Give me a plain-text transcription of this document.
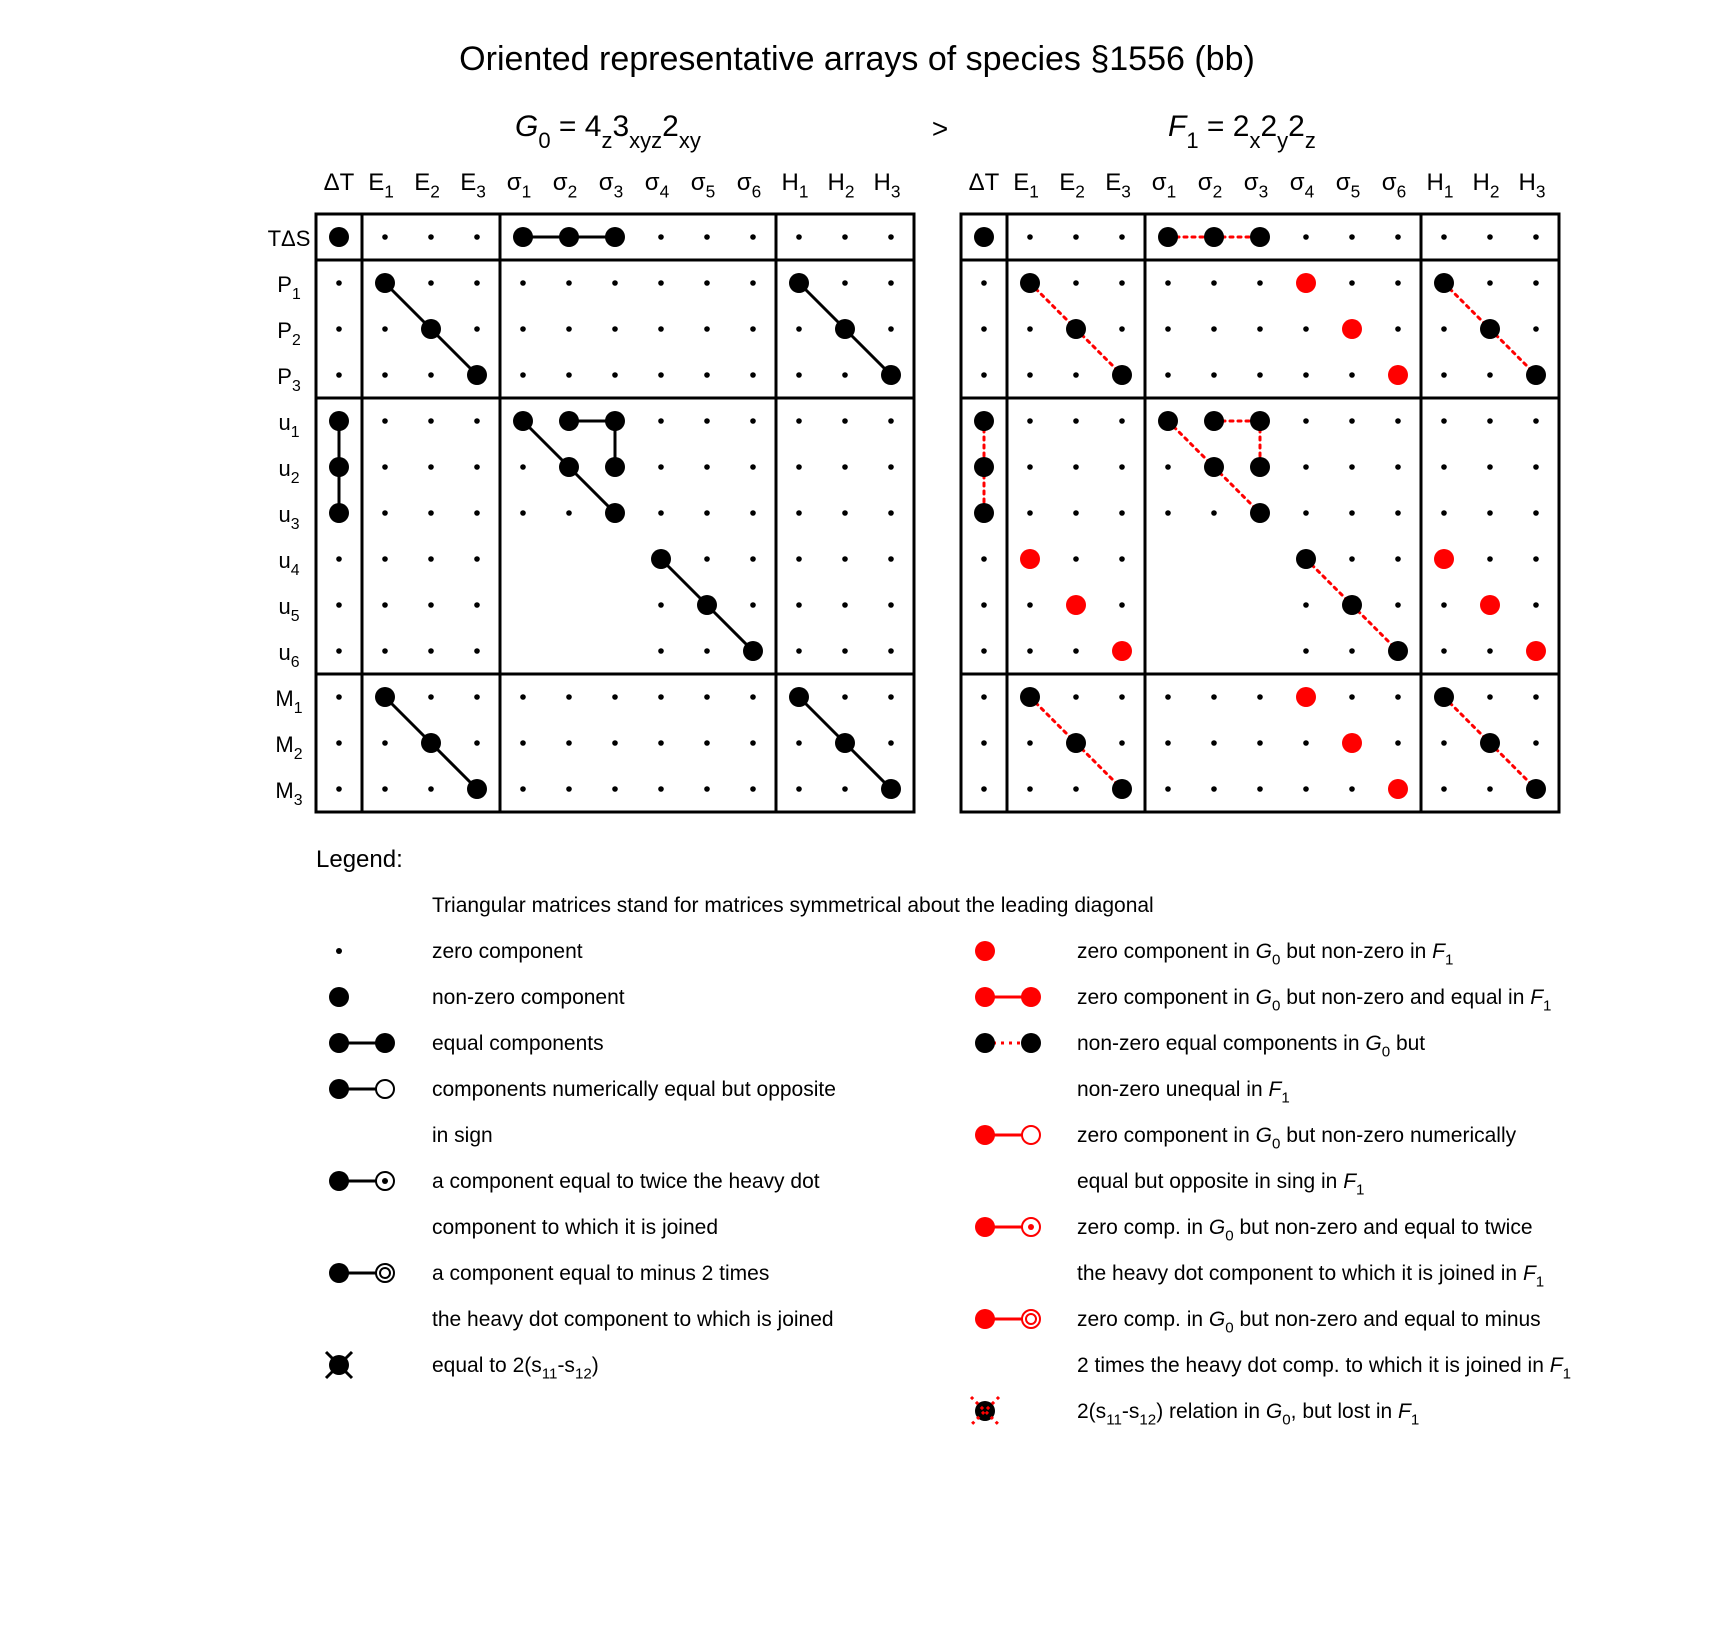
Oriented representative arrays of species §1556 (bb)
$G_0 = 4_z3_{xyz}2_{xy}$	>	$F_1 = 2_x2_y2_z$
ΔT $E_1$ $E_2$ $E_3$ $\sigma_1$ $\sigma_2$ $\sigma_3$ $\sigma_4$ $\sigma_5$ $\sigma_6$ $H_1$ $H_2$ $H_3$
TΔS
$P_1$
$P_2$
$P_3$
$u_1$
$u_2$
$u_3$
$u_4$
$u_5$
$u_6$
$M_1$
$M_2$
$M_3$
ΔT $E_1$ $E_2$ $E_3$ $\sigma_1$ $\sigma_2$ $\sigma_3$ $\sigma_4$ $\sigma_5$ $\sigma_6$ $H_1$ $H_2$ $H_3$
Legend:
Triangular matrices stand for matrices symmetrical about the leading diagonal
zero component
non-zero component
equal components
components numerically equal but opposite
in sign
a component equal to twice the heavy dot
component to which it is joined
a component equal to minus 2 times
the heavy dot component to which is joined
equal to $2(s_{11}-s_{12})$
zero component in $G_0$ but non-zero in $F_1$
zero component in $G_0$ but non-zero and equal in $F_1$
non-zero equal components in $G_0$ but
non-zero unequal in $F_1$
zero component in $G_0$ but non-zero numerically
equal but opposite in sing in $F_1$
zero comp. in $G_0$ but non-zero and equal to twice
the heavy dot component to which it is joined in $F_1$
zero comp. in $G_0$ but non-zero and equal to minus
2 times the heavy dot comp. to which it is joined in $F_1$
$2(s_{11}-s_{12})$ relation in $G_0$, but lost in $F_1$
